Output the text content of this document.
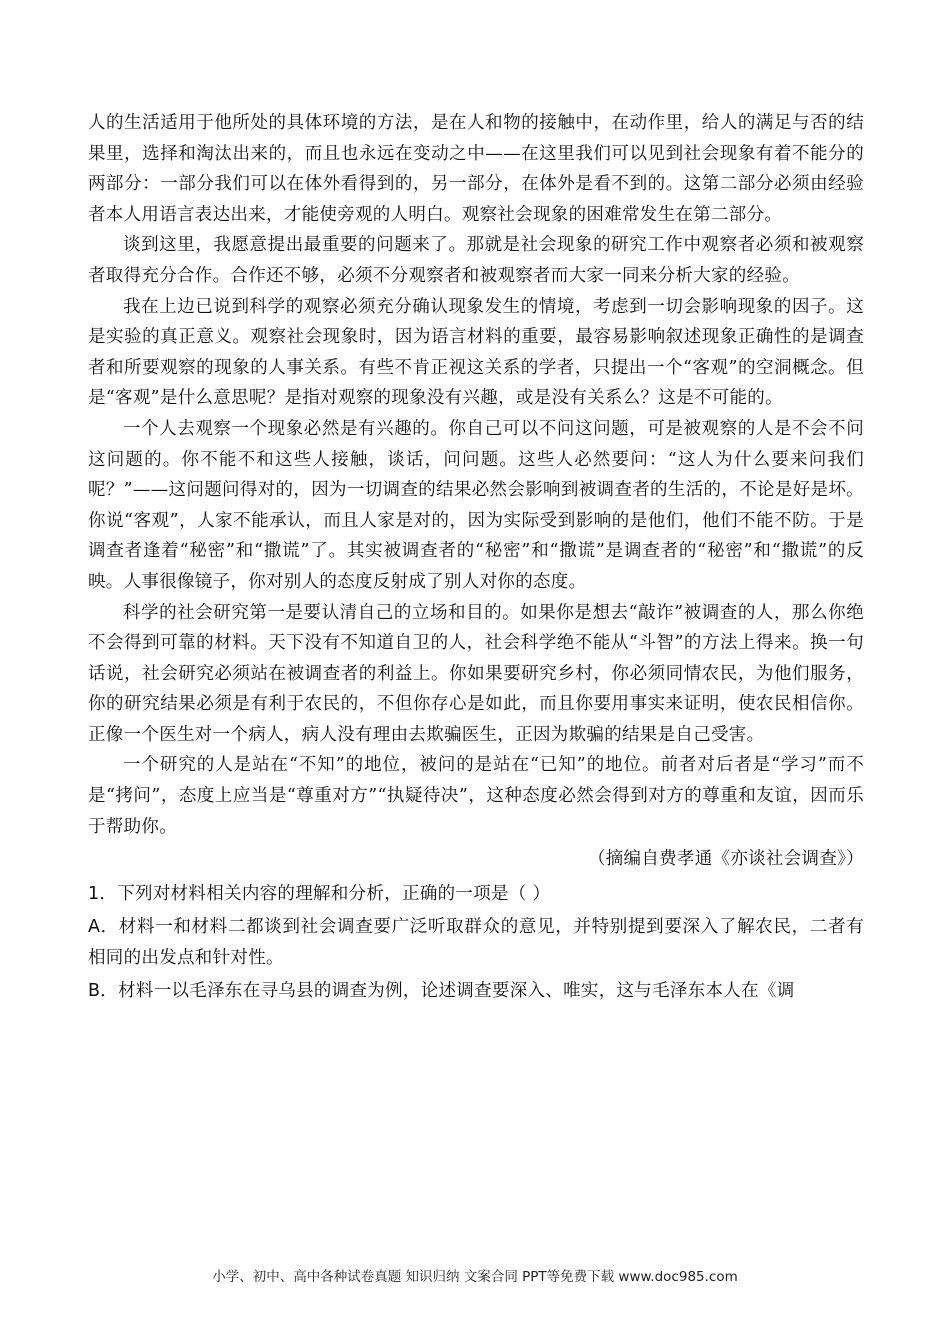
人的生活适用于他所处的具体环境的方法，是在人和物的接触中，在动作里，给人的满足与否的结果里，选择和淘汰出来的，而且也永远在变动之中——在这里我们可以见到社会现象有着不能分的两部分：一部分我们可以在体外看得到的，另一部分，在体外是看不到的。这第二部分必须由经验者本人用语言表达出来，才能使旁观的人明白。观察社会现象的困难常发生在第二部分。

谈到这里，我愿意提出最重要的问题来了。那就是社会现象的研究工作中观察者必须和被观察者取得充分合作。合作还不够，必须不分观察者和被观察者而大家一同来分析大家的经验。

我在上边已说到科学的观察必须充分确认现象发生的情境，考虑到一切会影响现象的因子。这是实验的真正意义。观察社会现象时，因为语言材料的重要，最容易影响叙述现象正确性的是调查者和所要观察的现象的人事关系。有些不肯正视这关系的学者，只提出一个“客观”的空洞概念。但是“客观”是什么意思呢？是指对观察的现象没有兴趣，或是没有关系么？这是不可能的。

一个人去观察一个现象必然是有兴趣的。你自己可以不问这问题，可是被观察的人是不会不问这问题的。你不能不和这些人接触，谈话，问问题。这些人必然要问：“这人为什么要来问我们呢？”——这问题问得对的，因为一切调查的结果必然会影响到被调查者的生活的，不论是好是坏。你说“客观”，人家不能承认，而且人家是对的，因为实际受到影响的是他们，他们不能不防。于是调查者逢着“秘密”和“撒谎”了。其实被调查者的“秘密”和“撒谎”是调查者的“秘密”和“撒谎”的反映。人事很像镜子，你对别人的态度反射成了别人对你的态度。

科学的社会研究第一是要认清自己的立场和目的。如果你是想去“敲诈”被调查的人，那么你绝不会得到可靠的材料。天下没有不知道自卫的人，社会科学绝不能从“斗智”的方法上得来。换一句话说，社会研究必须站在被调查者的利益上。你如果要研究乡村，你必须同情农民，为他们服务，你的研究结果必须是有利于农民的，不但你存心是如此，而且你要用事实来证明，使农民相信你。正像一个医生对一个病人，病人没有理由去欺骗医生，正因为欺骗的结果是自己受害。

一个研究的人是站在“不知”的地位，被问的是站在“已知”的地位。前者对后者是“学习”而不是“拷问”，态度上应当是“尊重对方”“执疑待决”，这种态度必然会得到对方的尊重和友谊，因而乐于帮助你。

（摘编自费孝通《亦谈社会调查》）

1．下列对材料相关内容的理解和分析，正确的一项是（ ）

A．材料一和材料二都谈到社会调查要广泛听取群众的意见，并特别提到要深入了解农民，二者有相同的出发点和针对性。

B．材料一以毛泽东在寻乌县的调查为例，论述调查要深入、唯实，这与毛泽东本人在《调

小学、初中、高中各种试卷真题 知识归纳 文案合同 PPT等免费下载 www.doc985.com
